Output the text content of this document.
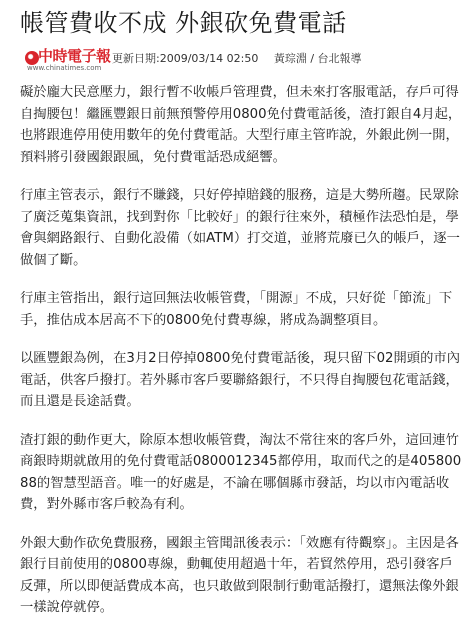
帳管費收不成 外銀砍免費電話
中時電子報
www.chinatimes.com
更新日期:2009/03/14 02:50 黃琮淵 / 台北報導

礙於龐大民意壓力，銀行暫不收帳戶管理費，但未來打客服電話，存戶可得自掏腰包！繼匯豐銀日前無預警停用0800免付費電話後，渣打銀自4月起，也將跟進停用使用數年的免付費電話。大型行庫主管昨說，外銀此例一開，預料將引發國銀跟風，免付費電話恐成絕響。

行庫主管表示，銀行不賺錢，只好停掉賠錢的服務，這是大勢所趨。民眾除了廣泛蒐集資訊，找到對你「比較好」的銀行往來外，積極作法恐怕是，學會與網路銀行、自動化設備（如ATM）打交道，並將荒廢已久的帳戶，逐一做個了斷。

行庫主管指出，銀行這回無法收帳管費，「開源」不成，只好從「節流」下手，推估成本居高不下的0800免付費專線，將成為調整項目。

以匯豐銀為例，在3月2日停掉0800免付費電話後，現只留下02開頭的市內電話，供客戶撥打。若外縣市客戶要聯絡銀行，不只得自掏腰包花電話錢，而且還是長途話費。

渣打銀的動作更大，除原本想收帳管費，淘汰不常往來的客戶外，這回連竹商銀時期就啟用的免付費電話0800012345都停用，取而代之的是40580088的智慧型語音。唯一的好處是，不論在哪個縣市發話，均以市內電話收費，對外縣市客戶較為有利。

外銀大動作砍免費服務，國銀主管聞訊後表示：「效應有待觀察」。主因是各銀行目前使用的0800專線，動輒使用超過十年，若貿然停用，恐引發客戶反彈，所以即便話費成本高，也只敢做到限制行動電話撥打，還無法像外銀一樣說停就停。
